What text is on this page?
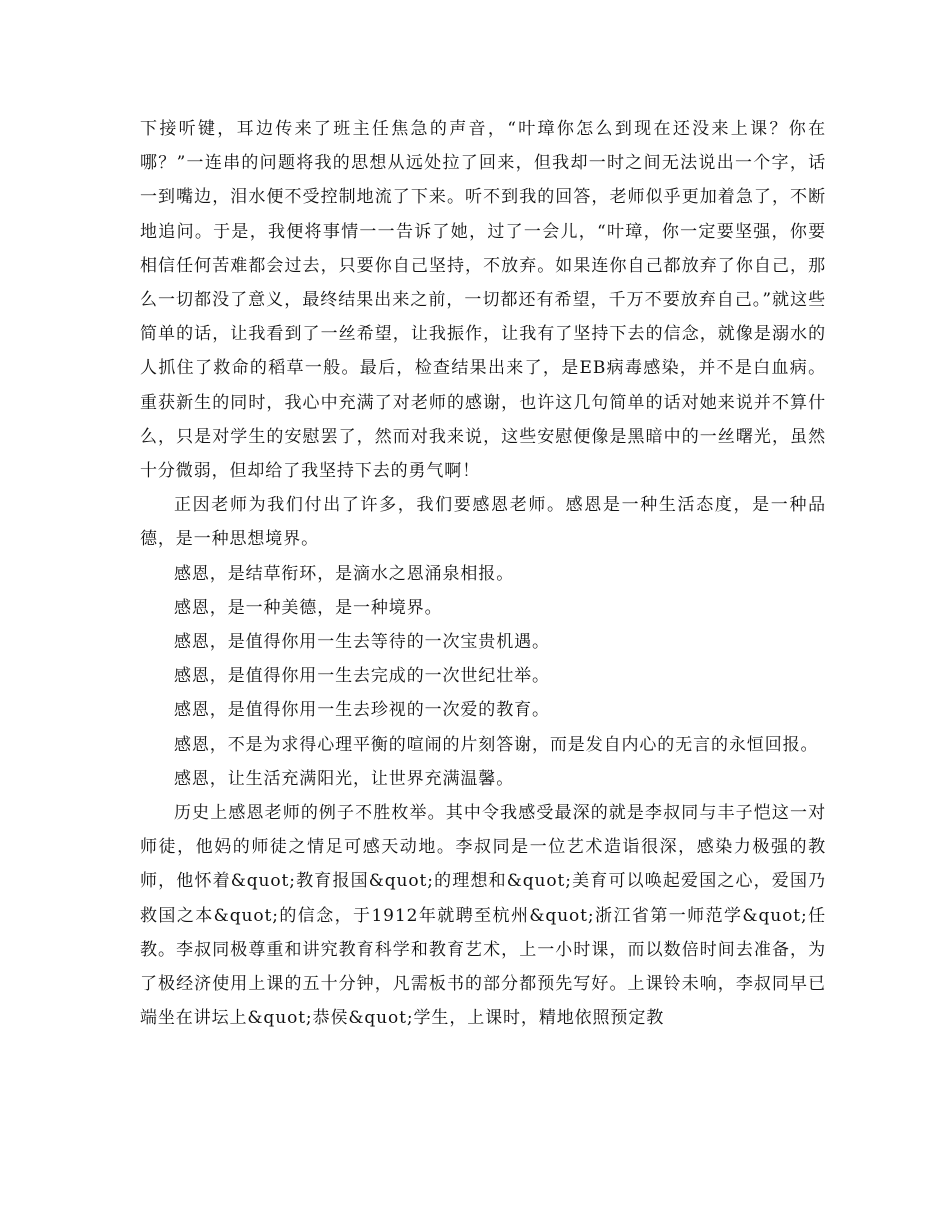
下接听键，耳边传来了班主任焦急的声音，“叶璋你怎么到现在还没来上课？你在哪？”一连串的问题将我的思想从远处拉了回来，但我却一时之间无法说出一个字，话一到嘴边，泪水便不受控制地流了下来。听不到我的回答，老师似乎更加着急了，不断地追问。于是，我便将事情一一告诉了她，过了一会儿，“叶璋，你一定要坚强，你要相信任何苦难都会过去，只要你自己坚持，不放弃。如果连你自己都放弃了你自己，那么一切都没了意义，最终结果出来之前，一切都还有希望，千万不要放弃自己。”就这些简单的话，让我看到了一丝希望，让我振作，让我有了坚持下去的信念，就像是溺水的人抓住了救命的稻草一般。最后，检查结果出来了，是EB病毒感染，并不是白血病。重获新生的同时，我心中充满了对老师的感谢，也许这几句简单的话对她来说并不算什么，只是对学生的安慰罢了，然而对我来说，这些安慰便像是黑暗中的一丝曙光，虽然十分微弱，但却给了我坚持下去的勇气啊！

正因老师为我们付出了许多，我们要感恩老师。感恩是一种生活态度，是一种品德，是一种思想境界。

感恩，是结草衔环，是滴水之恩涌泉相报。

感恩，是一种美德，是一种境界。

感恩，是值得你用一生去等待的一次宝贵机遇。

感恩，是值得你用一生去完成的一次世纪壮举。

感恩，是值得你用一生去珍视的一次爱的教育。

感恩，不是为求得心理平衡的喧闹的片刻答谢，而是发自内心的无言的永恒回报。

感恩，让生活充满阳光，让世界充满温馨。

历史上感恩老师的例子不胜枚举。其中令我感受最深的就是李叔同与丰子恺这一对师徒，他妈的师徒之情足可感天动地。李叔同是一位艺术造诣很深，感染力极强的教师，他怀着&quot;教育报国&quot;的理想和&quot;美育可以唤起爱国之心，爱国乃救国之本&quot;的信念，于1912年就聘至杭州&quot;浙江省第一师范学&quot;任教。李叔同极尊重和讲究教育科学和教育艺术，上一小时课，而以数倍时间去准备，为了极经济使用上课的五十分钟，凡需板书的部分都预先写好。上课铃未响，李叔同早已端坐在讲坛上&quot;恭侯&quot;学生，上课时，精地依照预定教
